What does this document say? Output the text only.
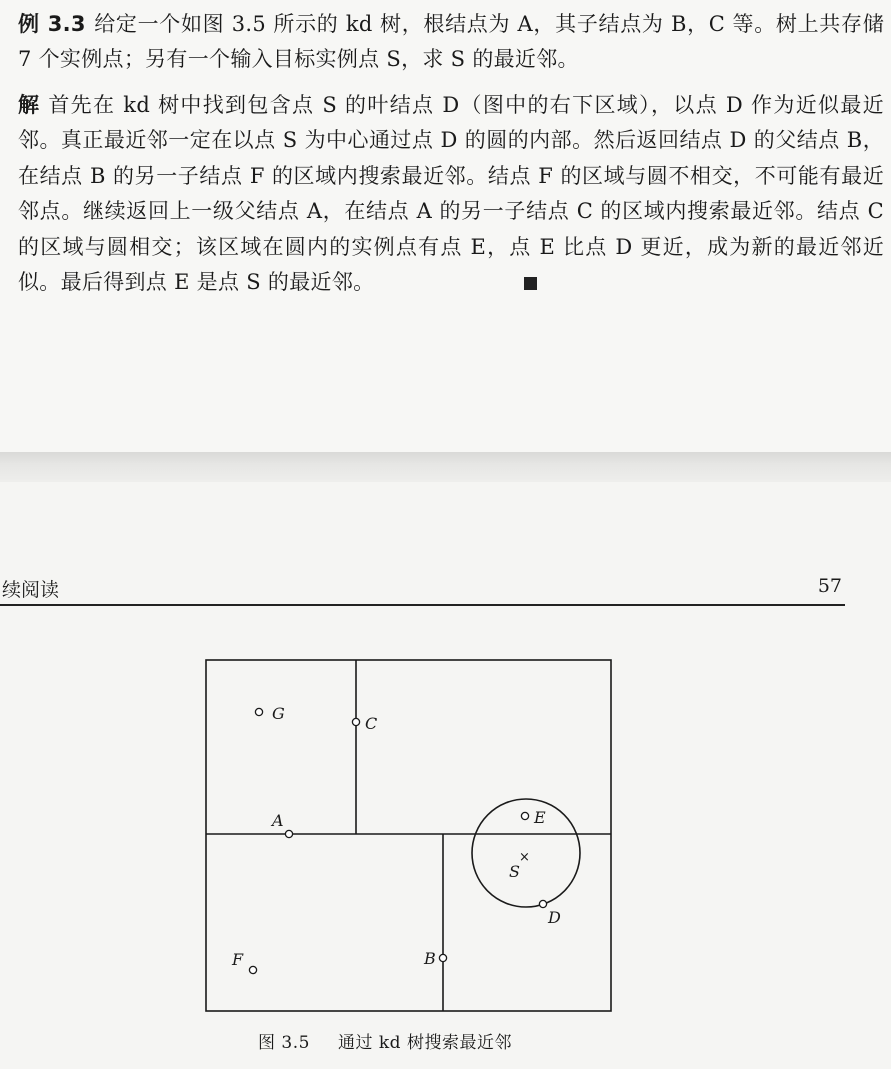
例 3.3 给定一个如图 3.5 所示的 kd 树，根结点为 A，其子结点为 B，C 等。树上共存储 7 个实例点；另有一个输入目标实例点 S，求 S 的最近邻。

解 首先在 kd 树中找到包含点 S 的叶结点 D（图中的右下区域），以点 D 作为近似最近邻。真正最近邻一定在以点 S 为中心通过点 D 的圆的内部。然后返回结点 D 的父结点 B，在结点 B 的另一子结点 F 的区域内搜索最近邻。结点 F 的区域与圆不相交，不可能有最近邻点。继续返回上一级父结点 A，在结点 A 的另一子结点 C 的区域内搜索最近邻。结点 C 的区域与圆相交；该区域在圆内的实例点有点 E，点 E 比点 D 更近，成为新的最近邻近似。最后得到点 E 是点 S 的最近邻。

续阅读	57
G
C
A	E
S
D
B
F
×
图 3.5 通过 kd 树搜索最近邻
